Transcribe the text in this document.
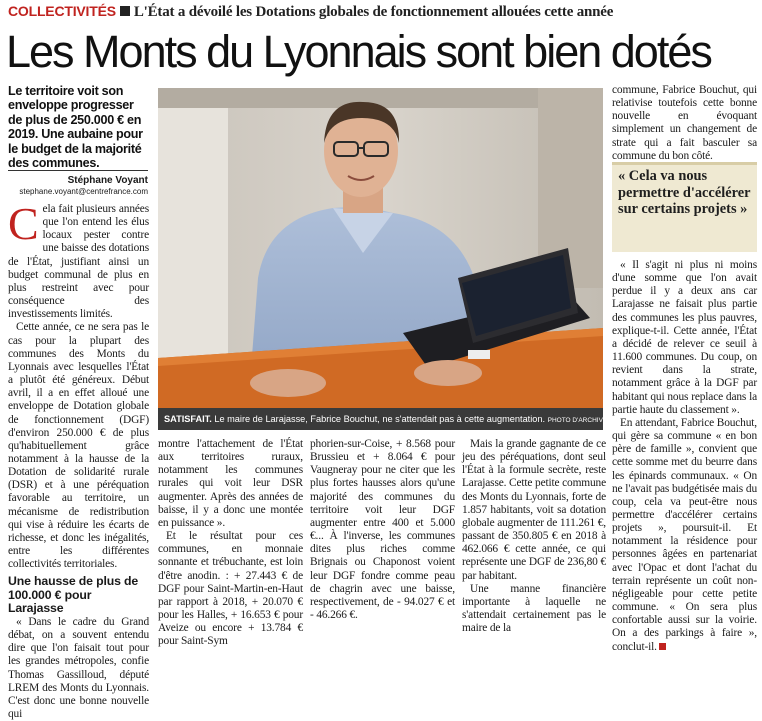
COLLECTIVITÉS L'État a dévoilé les Dotations globales de fonctionnement allouées cette année
Les Monts du Lyonnais sont bien dotés
Le territoire voit son enveloppe progresser de plus de 250.000 € en 2019. Une aubaine pour le budget de la majorité des communes.
Stéphane Voyant
stephane.voyant@centrefrance.com
C ela fait plusieurs années que l'on entend les élus locaux pester contre une baisse des dotations de l'État, justifiant ainsi un budget communal de plus en plus restreint avec pour conséquence des investissements limités.

Cette année, ce ne sera pas le cas pour la plupart des communes des Monts du Lyonnais avec lesquelles l'État a plutôt été généreux. Début avril, il a en effet alloué une enveloppe de Dotation globale de fonctionnement (DGF) d'environ 250.000 € de plus qu'habituellement grâce notamment à la hausse de la Dotation de solidarité rurale (DSR) et à une péréquation favorable au territoire, un mécanisme de redistribution qui vise à réduire les écarts de richesse, et donc les inégalités, entre les différentes collectivités territoriales.

Une hausse de plus de 100.000 € pour Larajasse

« Dans le cadre du Grand débat, on a souvent entendu dire que l'on faisait tout pour les grandes métropoles, confie Thomas Gassilloud, député LREM des Monts du Lyonnais. C'est donc une bonne nouvelle qui

SATISFAIT. Le maire de Larajasse, Fabrice Bouchut, ne s'attendait pas à cette augmentation. PHOTO D'ARCHIVES

montre l'attachement de l'État aux territoires ruraux, notamment les communes rurales qui voit leur DSR augmenter. Après des années de baisse, il y a donc une montée en puissance ».

Et le résultat pour ces communes, en monnaie sonnante et trébuchante, est loin d'être anodin. : + 27.443 € de DGF pour Saint-Martin-en-Haut par rapport à 2018, + 20.070 € pour les Halles, + 16.653 € pour Aveize ou encore + 13.784 € pour Saint-Sym

phorien-sur-Coise, + 8.568 pour Brussieu et + 8.064 € pour Vaugneray pour ne citer que les plus fortes hausses alors qu'une majorité des communes du territoire voit leur DGF augmenter entre 400 et 5.000 €... À l'inverse, les communes dites plus riches comme Brignais ou Chaponost voient leur DGF fondre comme peau de chagrin avec une baisse, respectivement, de - 94.027 € et - 46.266 €.

Mais la grande gagnante de ce jeu des péréquations, dont seul l'État à la formule secrète, reste Larajasse. Cette petite commune des Monts du Lyonnais, forte de 1.857 habitants, voit sa dotation globale augmenter de 111.261 €, passant de 350.805 € en 2018 à 462.066 € cette année, ce qui représente une DGF de 236,80 € par habitant.

Une manne financière importante à laquelle ne s'attendait certainement pas le maire de la

commune, Fabrice Bouchut, qui relativise toutefois cette bonne nouvelle en évoquant simplement un changement de strate qui a fait basculer sa commune du bon côté.

« Cela va nous permettre d'accélérer sur certains projets »

« Il s'agit ni plus ni moins d'une somme que l'on avait perdue il y a deux ans car Larajasse ne faisait plus partie des communes les plus pauvres, explique-t-il. Cette année, l'État a décidé de relever ce seuil à 11.600 communes. Du coup, on revient dans la strate, notamment grâce à la DGF par habitant qui nous replace dans la partie haute du classement ».

En attendant, Fabrice Bouchut, qui gère sa commune « en bon père de famille », convient que cette somme met du beurre dans les épinards communaux. « On ne l'avait pas budgétisée mais du coup, cela va peut-être nous permettre d'accélérer certains projets », poursuit-il. Et notamment la résidence pour personnes âgées en partenariat avec l'Opac et dont l'achat du terrain représente un coût non-négligeable pour cette petite commune. « On sera plus confortable aussi sur la voirie. On a des parkings à faire », conclut-il.
